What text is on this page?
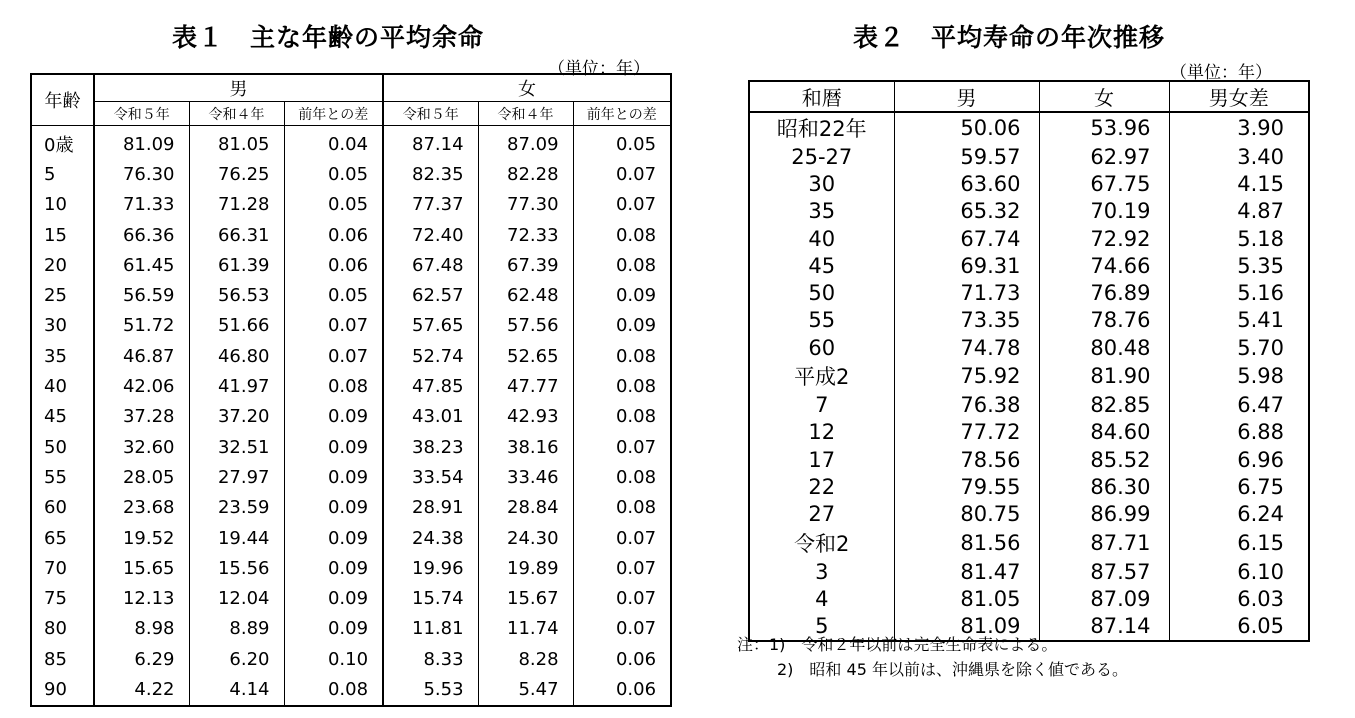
表１　主な年齢の平均余命
（単位：年）
年齢	男			女		
	令和５年	令和４年	前年との差	令和５年	令和４年	前年との差
0歳	81.09	81.05	0.04	87.14	87.09	0.05
5	76.30	76.25	0.05	82.35	82.28	0.07
10	71.33	71.28	0.05	77.37	77.30	0.07
15	66.36	66.31	0.06	72.40	72.33	0.08
20	61.45	61.39	0.06	67.48	67.39	0.08
25	56.59	56.53	0.05	62.57	62.48	0.09
30	51.72	51.66	0.07	57.65	57.56	0.09
35	46.87	46.80	0.07	52.74	52.65	0.08
40	42.06	41.97	0.08	47.85	47.77	0.08
45	37.28	37.20	0.09	43.01	42.93	0.08
50	32.60	32.51	0.09	38.23	38.16	0.07
55	28.05	27.97	0.09	33.54	33.46	0.08
60	23.68	23.59	0.09	28.91	28.84	0.08
65	19.52	19.44	0.09	24.38	24.30	0.07
70	15.65	15.56	0.09	19.96	19.89	0.07
75	12.13	12.04	0.09	15.74	15.67	0.07
80	8.98	8.89	0.09	11.81	11.74	0.07
85	6.29	6.20	0.10	8.33	8.28	0.06
90	4.22	4.14	0.08	5.53	5.47	0.06
表２　平均寿命の年次推移
（単位：年）
和暦	男	女	男女差
昭和22年	50.06	53.96	3.90
25-27	59.57	62.97	3.40
30	63.60	67.75	4.15
35	65.32	70.19	4.87
40	67.74	72.92	5.18
45	69.31	74.66	5.35
50	71.73	76.89	5.16
55	73.35	78.76	5.41
60	74.78	80.48	5.70
平成2	75.92	81.90	5.98
7	76.38	82.85	6.47
12	77.72	84.60	6.88
17	78.56	85.52	6.96
22	79.55	86.30	6.75
27	80.75	86.99	6.24
令和2	81.56	87.71	6.15
3	81.47	87.57	6.10
4	81.05	87.09	6.03
5	81.09	87.14	6.05
注：1)　令和２年以前は完全生命表による。
2)　昭和 45 年以前は、沖縄県を除く値である。
